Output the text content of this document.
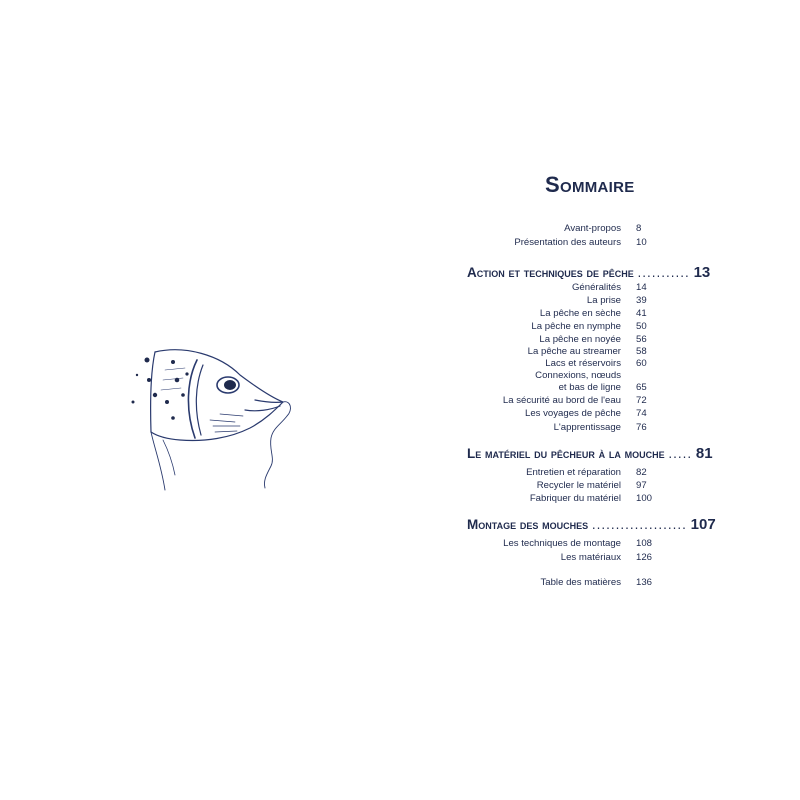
Sommaire
Avant-propos 8
Présentation des auteurs 10
Action et techniques de pêche ........... 13
Généralités 14
La prise 39
La pêche en sèche 41
La pêche en nymphe 50
La pêche en noyée 56
La pêche au streamer 58
Lacs et réservoirs 60
Connexions, nœuds
et bas de ligne 65
La sécurité au bord de l'eau 72
Les voyages de pêche 74
L'apprentissage 76
Le matériel du pêcheur à la mouche ..... 81
Entretien et réparation 82
Recycler le matériel 97
Fabriquer du matériel 100
Montage des mouches .................... 107
Les techniques de montage 108
Les matériaux 126
Table des matières 136
